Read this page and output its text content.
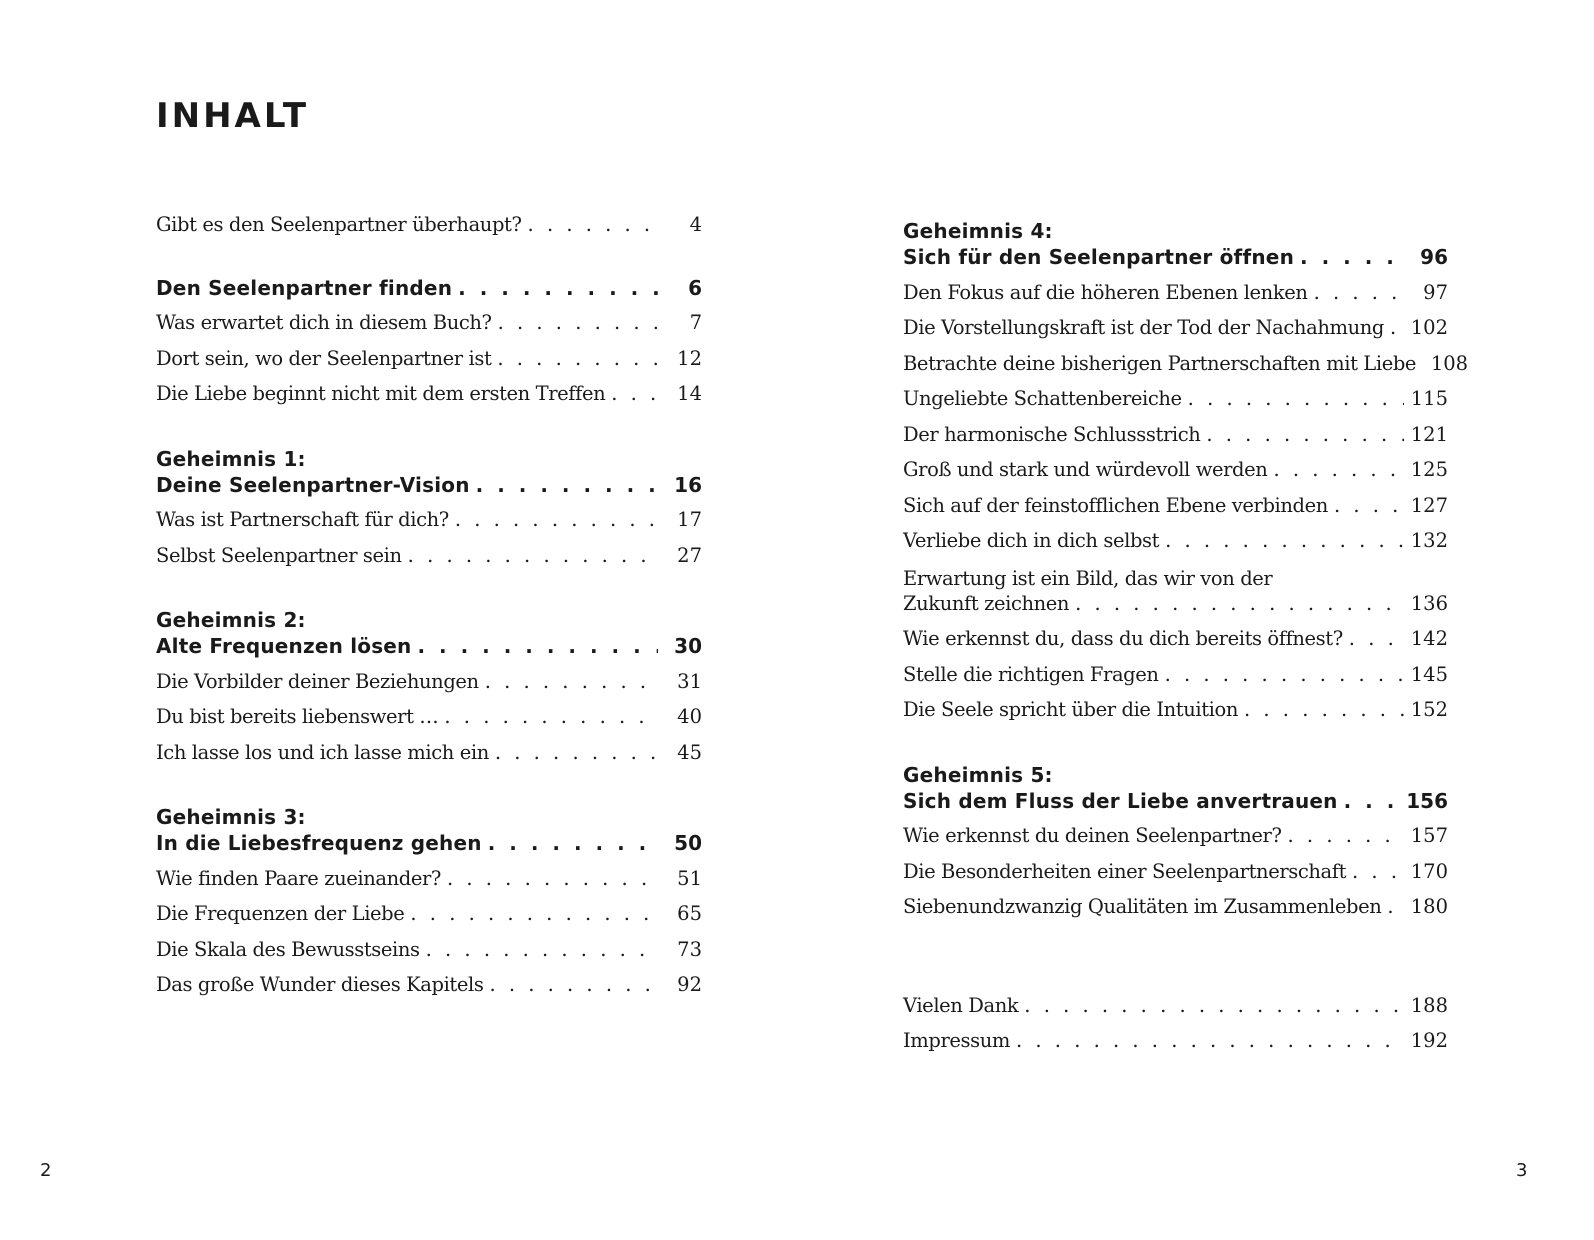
INHALT
Gibt es den Seelenpartner überhaupt? . . .	4
Den Seelenpartner finden . . .	6
Was erwartet dich in diesem Buch? . . .	7
Dort sein, wo der Seelenpartner ist . . .	12
Die Liebe beginnt nicht mit dem ersten Treffen . . .	14
Geheimnis 1:
Deine Seelenpartner-Vision . . .	16
Was ist Partnerschaft für dich? . . .	17
Selbst Seelenpartner sein . . .	27
Geheimnis 2:
Alte Frequenzen lösen . . .	30
Die Vorbilder deiner Beziehungen . . .	31
Du bist bereits liebenswert … . . .	40
Ich lasse los und ich lasse mich ein . . .	45
Geheimnis 3:
In die Liebesfrequenz gehen . . .	50
Wie finden Paare zueinander? . . .	51
Die Frequenzen der Liebe . . .	65
Die Skala des Bewusstseins . . .	73
Das große Wunder dieses Kapitels . . .	92
Geheimnis 4:
Sich für den Seelenpartner öffnen . . .	96
Den Fokus auf die höheren Ebenen lenken . . .	97
Die Vorstellungskraft ist der Tod der Nachahmung . . .	102
Betrachte deine bisherigen Partnerschaften mit Liebe . . . 108
Ungeliebte Schattenbereiche . . .	115
Der harmonische Schlussstrich . . .	121
Groß und stark und würdevoll werden . . .	125
Sich auf der feinstofflichen Ebene verbinden . . .	127
Verliebe dich in dich selbst . . .	132
Erwartung ist ein Bild, das wir von der
Zukunft zeichnen . . .	136
Wie erkennst du, dass du dich bereits öffnest? . . .	142
Stelle die richtigen Fragen . . .	145
Die Seele spricht über die Intuition . . .	152
Geheimnis 5:
Sich dem Fluss der Liebe anvertrauen . . .	156
Wie erkennst du deinen Seelenpartner? . . .	157
Die Besonderheiten einer Seelenpartnerschaft . . .	170
Siebenundzwanzig Qualitäten im Zusammenleben . . .	180
Vielen Dank . . .	188
Impressum . . .	192
2	3
